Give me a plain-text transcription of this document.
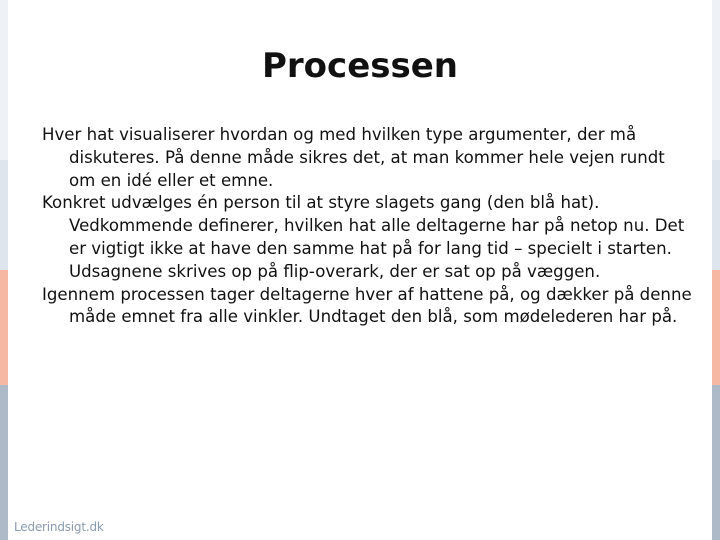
Processen

Hver hat visualiserer hvordan og med hvilken type argumenter, der må diskuteres. På denne måde sikres det, at man kommer hele vejen rundt om en idé eller et emne.

Konkret udvælges én person til at styre slagets gang (den blå hat). Vedkommende definerer, hvilken hat alle deltagerne har på netop nu. Det er vigtigt ikke at have den samme hat på for lang tid – specielt i starten. Udsagnene skrives op på flip-overark, der er sat op på væggen.

Igennem processen tager deltagerne hver af hattene på, og dækker på denne måde emnet fra alle vinkler. Undtaget den blå, som mødelederen har på.

Lederindsigt.dk
